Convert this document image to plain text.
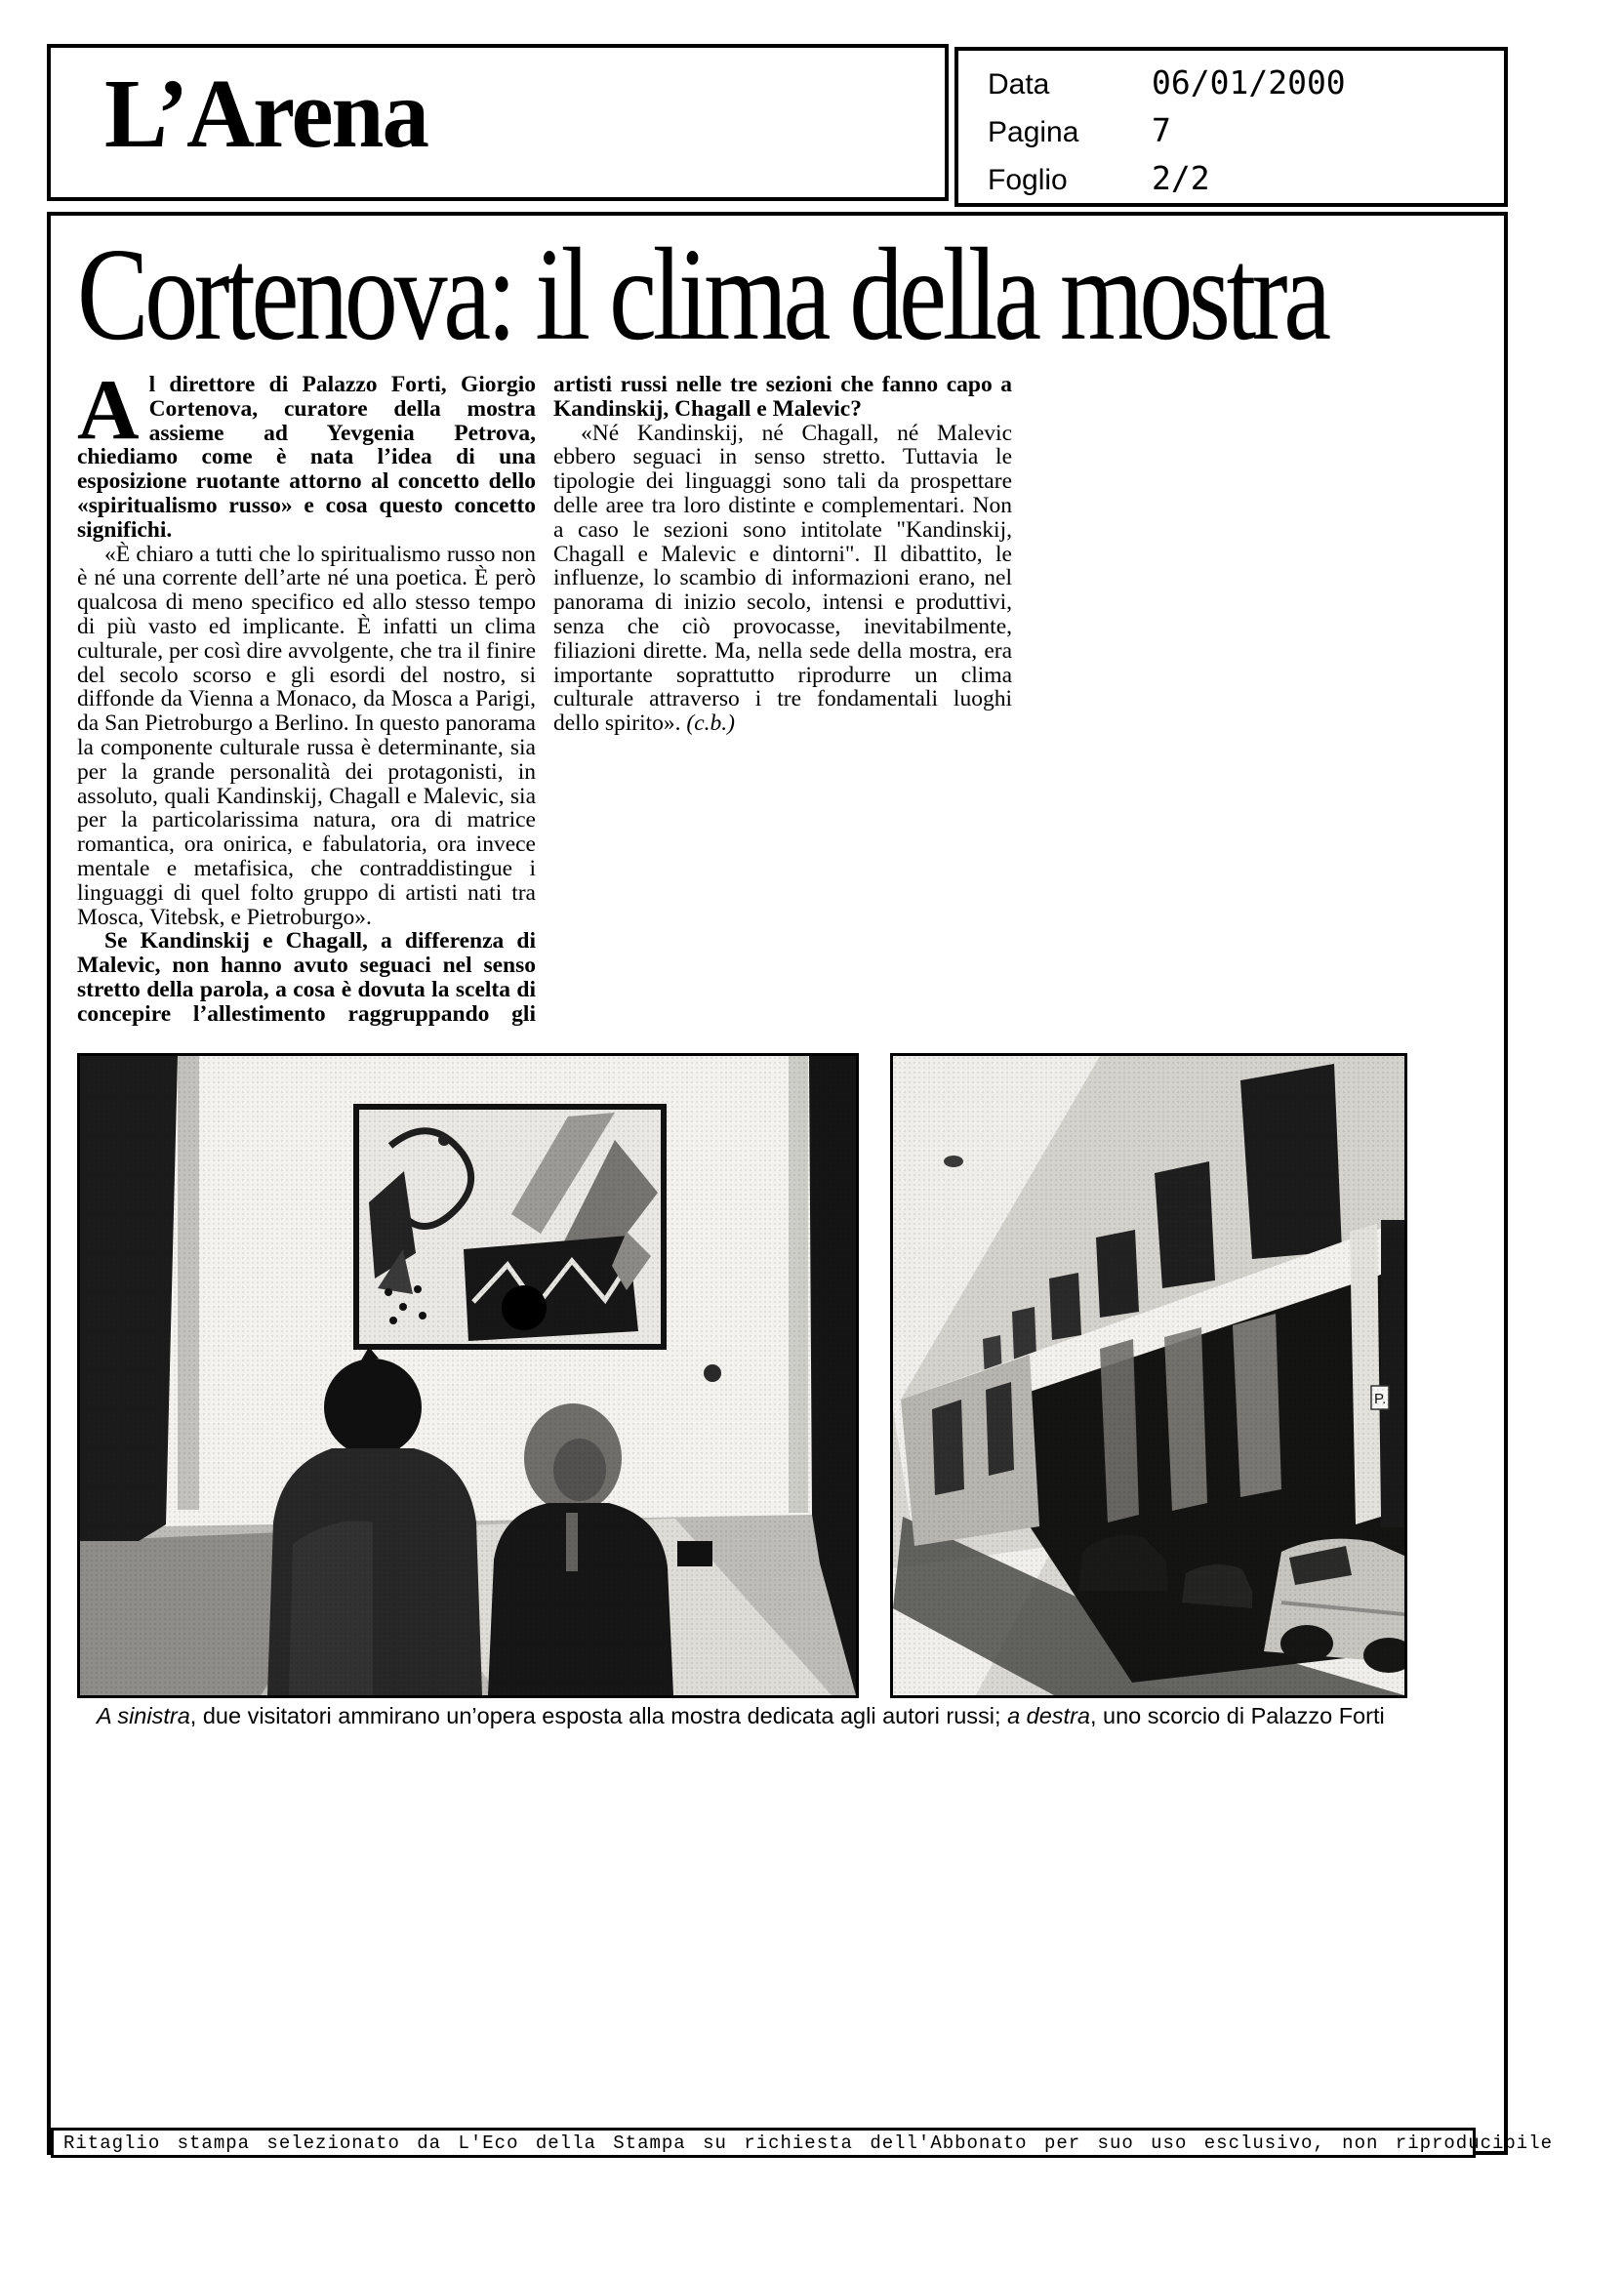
L’Arena	Data	06/01/2000
Pagina	7
Foglio	2/2
Cortenova: il clima della mostra

Al direttore di Palazzo Forti, Giorgio Cortenova, curatore della mostra assieme ad Yevgenia Petrova, chiediamo come è nata l’idea di una esposizione ruotante attorno al concetto dello «spiritualismo russo» e cosa questo concetto significhi.

«È chiaro a tutti che lo spiritualismo russo non è né una corrente dell’arte né una poetica. È però qualcosa di meno specifico ed allo stesso tempo di più vasto ed implicante. È infatti un clima culturale, per così dire avvolgente, che tra il finire del secolo scorso e gli esordi del nostro, si diffonde da Vienna a Monaco, da Mosca a Parigi, da San Pietroburgo a Berlino. In questo panorama la componente culturale russa è determinante, sia per la grande personalità dei protagonisti, in assoluto, quali Kandinskij, Chagall e Malevic, sia per la particolarissima natura, ora di matrice romantica, ora onirica, e fabulatoria, ora invece mentale e metafisica, che contraddistingue i linguaggi di quel folto gruppo di artisti nati tra Mosca, Vitebsk, e Pietroburgo».

Se Kandinskij e Chagall, a differenza di Malevic, non hanno avuto seguaci nel senso stretto della parola, a cosa è dovuta la scelta di concepire l’allestimento raggruppando gli artisti russi nelle tre sezioni che fanno capo a Kandinskij, Chagall e Malevic?

«Né Kandinskij, né Chagall, né Malevic ebbero seguaci in senso stretto. Tuttavia le tipologie dei linguaggi sono tali da prospettare delle aree tra loro distinte e complementari. Non a caso le sezioni sono intitolate "Kandinskij, Chagall e Malevic e dintorni". Il dibattito, le influenze, lo scambio di informazioni erano, nel panorama di inizio secolo, intensi e produttivi, senza che ciò provocasse, inevitabilmente, filiazioni dirette. Ma, nella sede della mostra, era importante soprattutto riprodurre un clima culturale attraverso i tre fondamentali luoghi dello spirito». (c.b.)

A sinistra, due visitatori ammirano un’opera esposta alla mostra dedicata agli autori russi; a destra, uno scorcio di Palazzo Forti
Ritaglio stampa selezionato da L'Eco della Stampa su richiesta dell'Abbonato per suo uso esclusivo, non riproducibile
